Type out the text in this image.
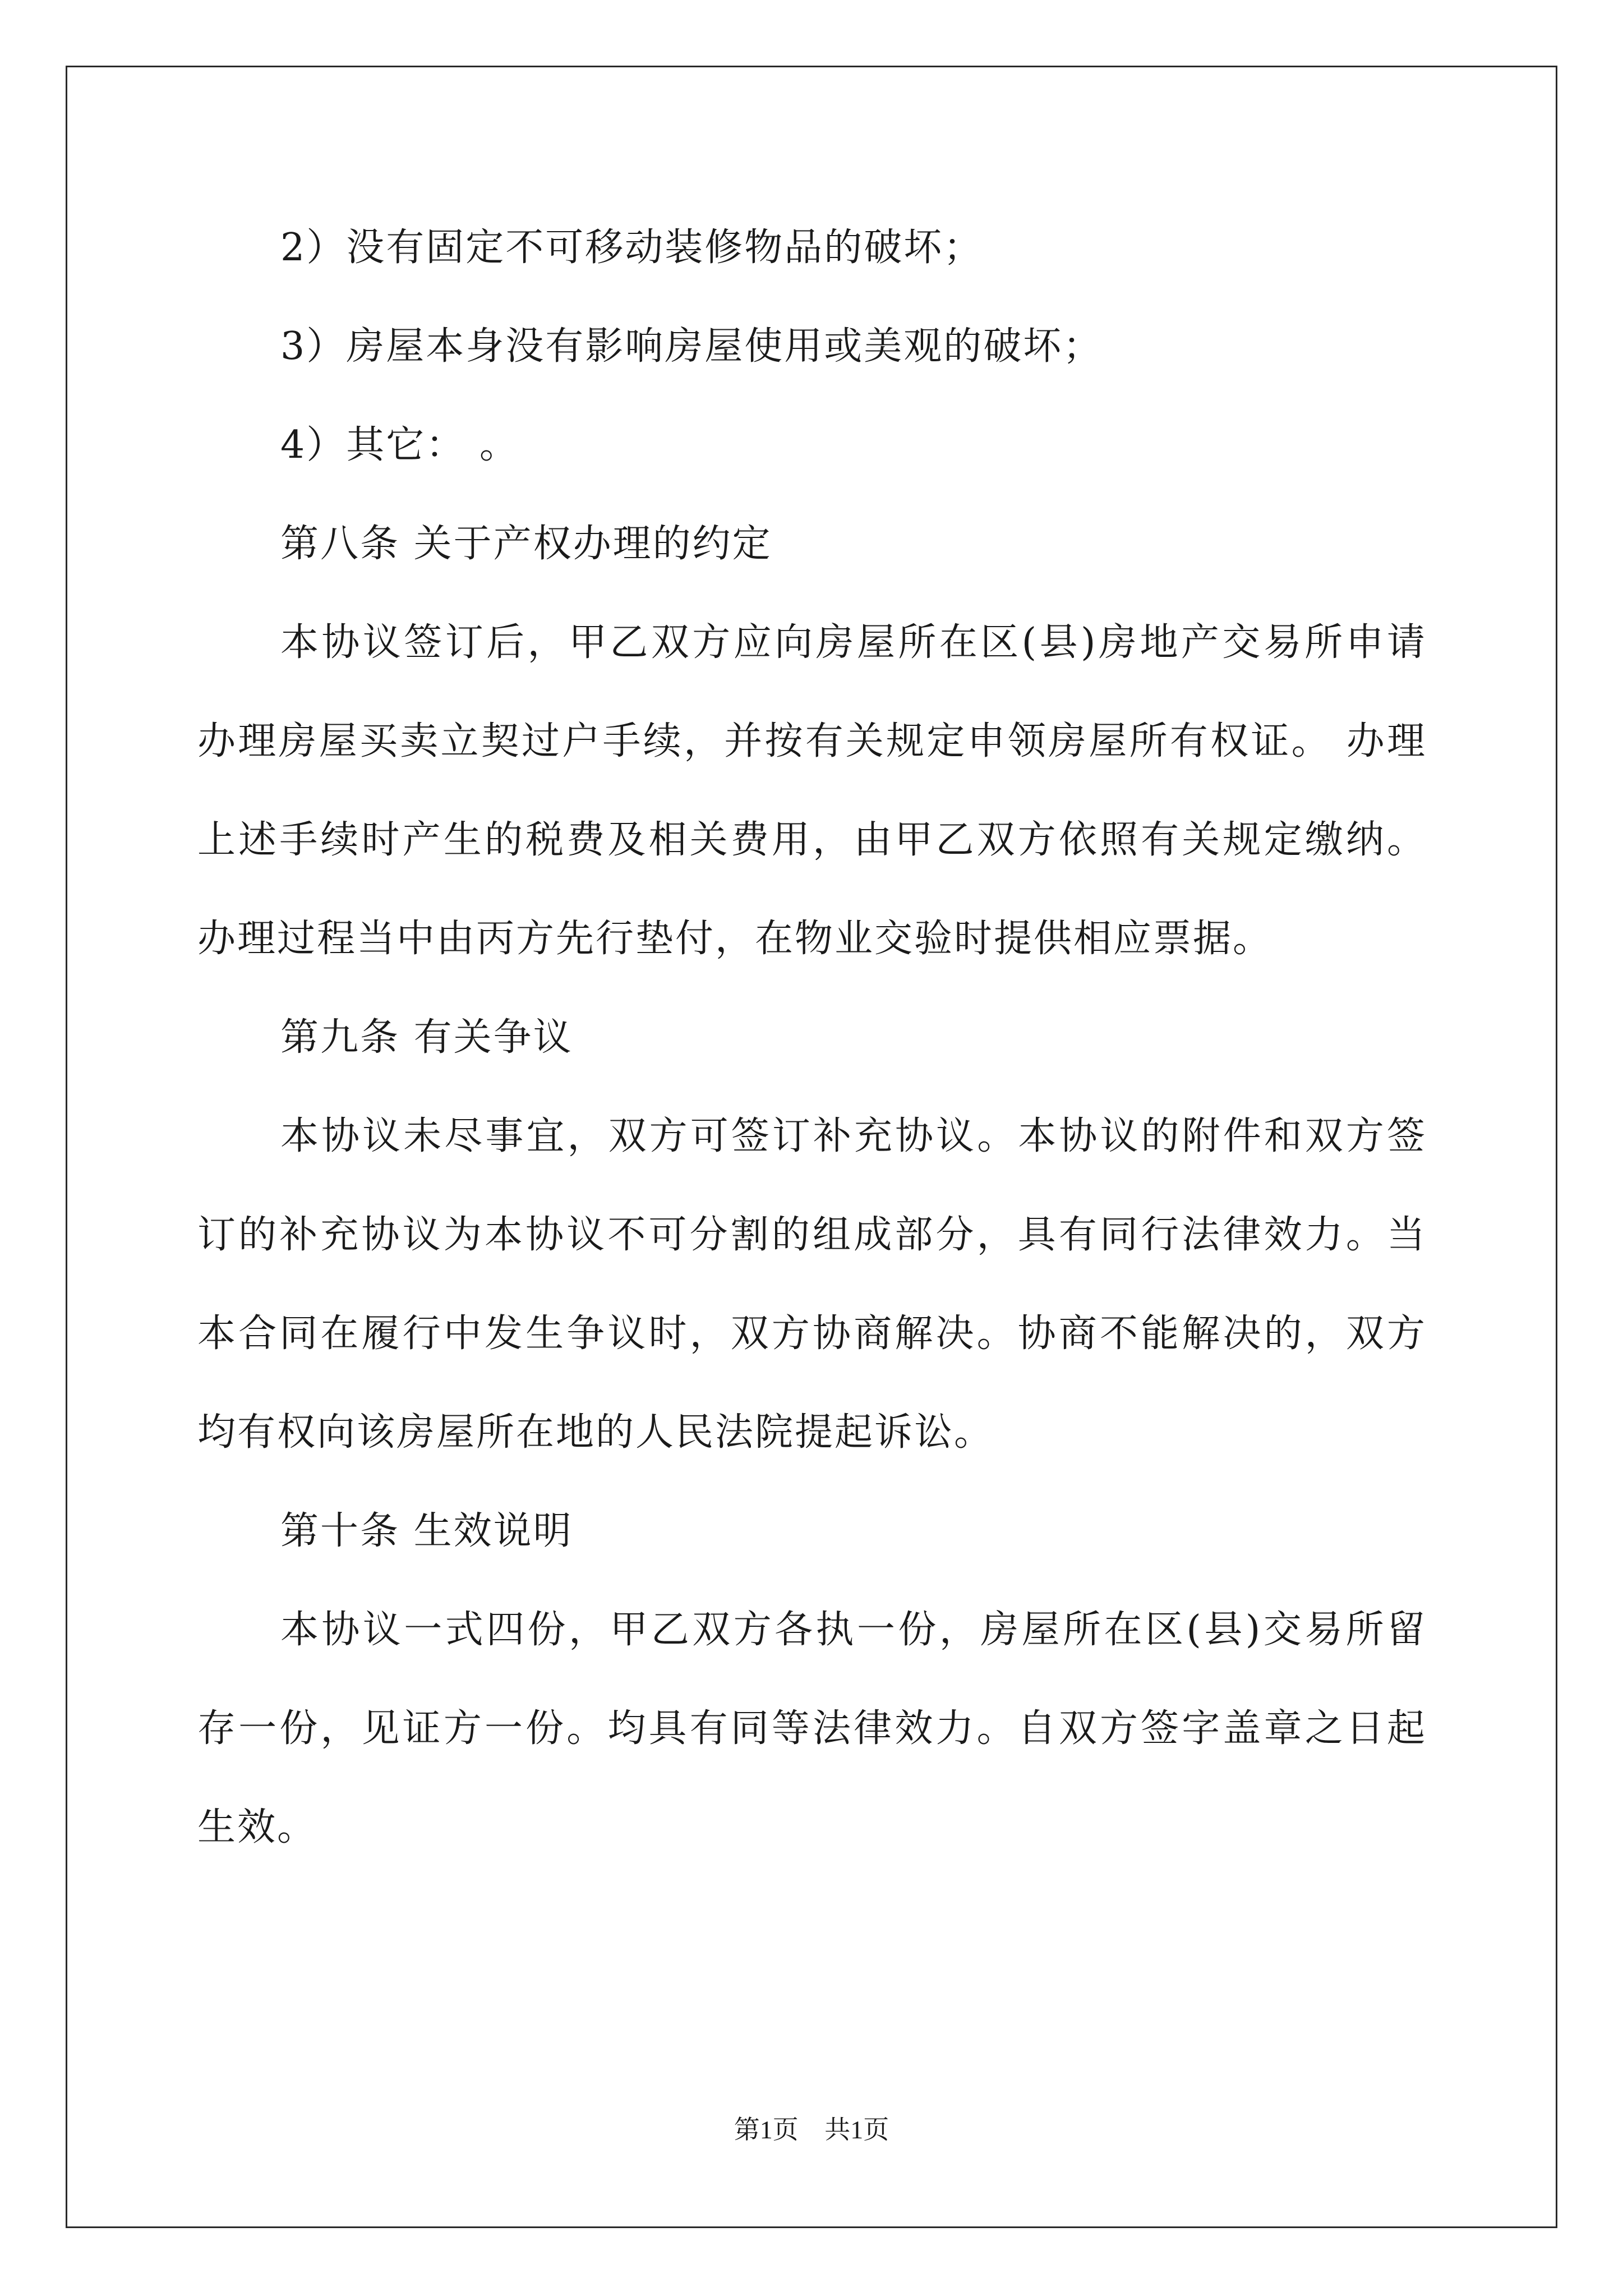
2）没有固定不可移动装修物品的破坏；
3）房屋本身没有影响房屋使用或美观的破坏；
4）其它： 。
第八条 关于产权办理的约定
本协议签订后，甲乙双方应向房屋所在区(县)房地产交易所申请
办理房屋买卖立契过户手续，并按有关规定申领房屋所有权证。 办理
上述手续时产生的税费及相关费用，由甲乙双方依照有关规定缴纳。
办理过程当中由丙方先行垫付，在物业交验时提供相应票据。
第九条 有关争议
本协议未尽事宜，双方可签订补充协议。本协议的附件和双方签
订的补充协议为本协议不可分割的组成部分，具有同行法律效力。当
本合同在履行中发生争议时，双方协商解决。协商不能解决的，双方
均有权向该房屋所在地的人民法院提起诉讼。
第十条 生效说明
本协议一式四份，甲乙双方各执一份，房屋所在区(县)交易所留
存一份，见证方一份。均具有同等法律效力。自双方签字盖章之日起
生效。
第1页   共1页
